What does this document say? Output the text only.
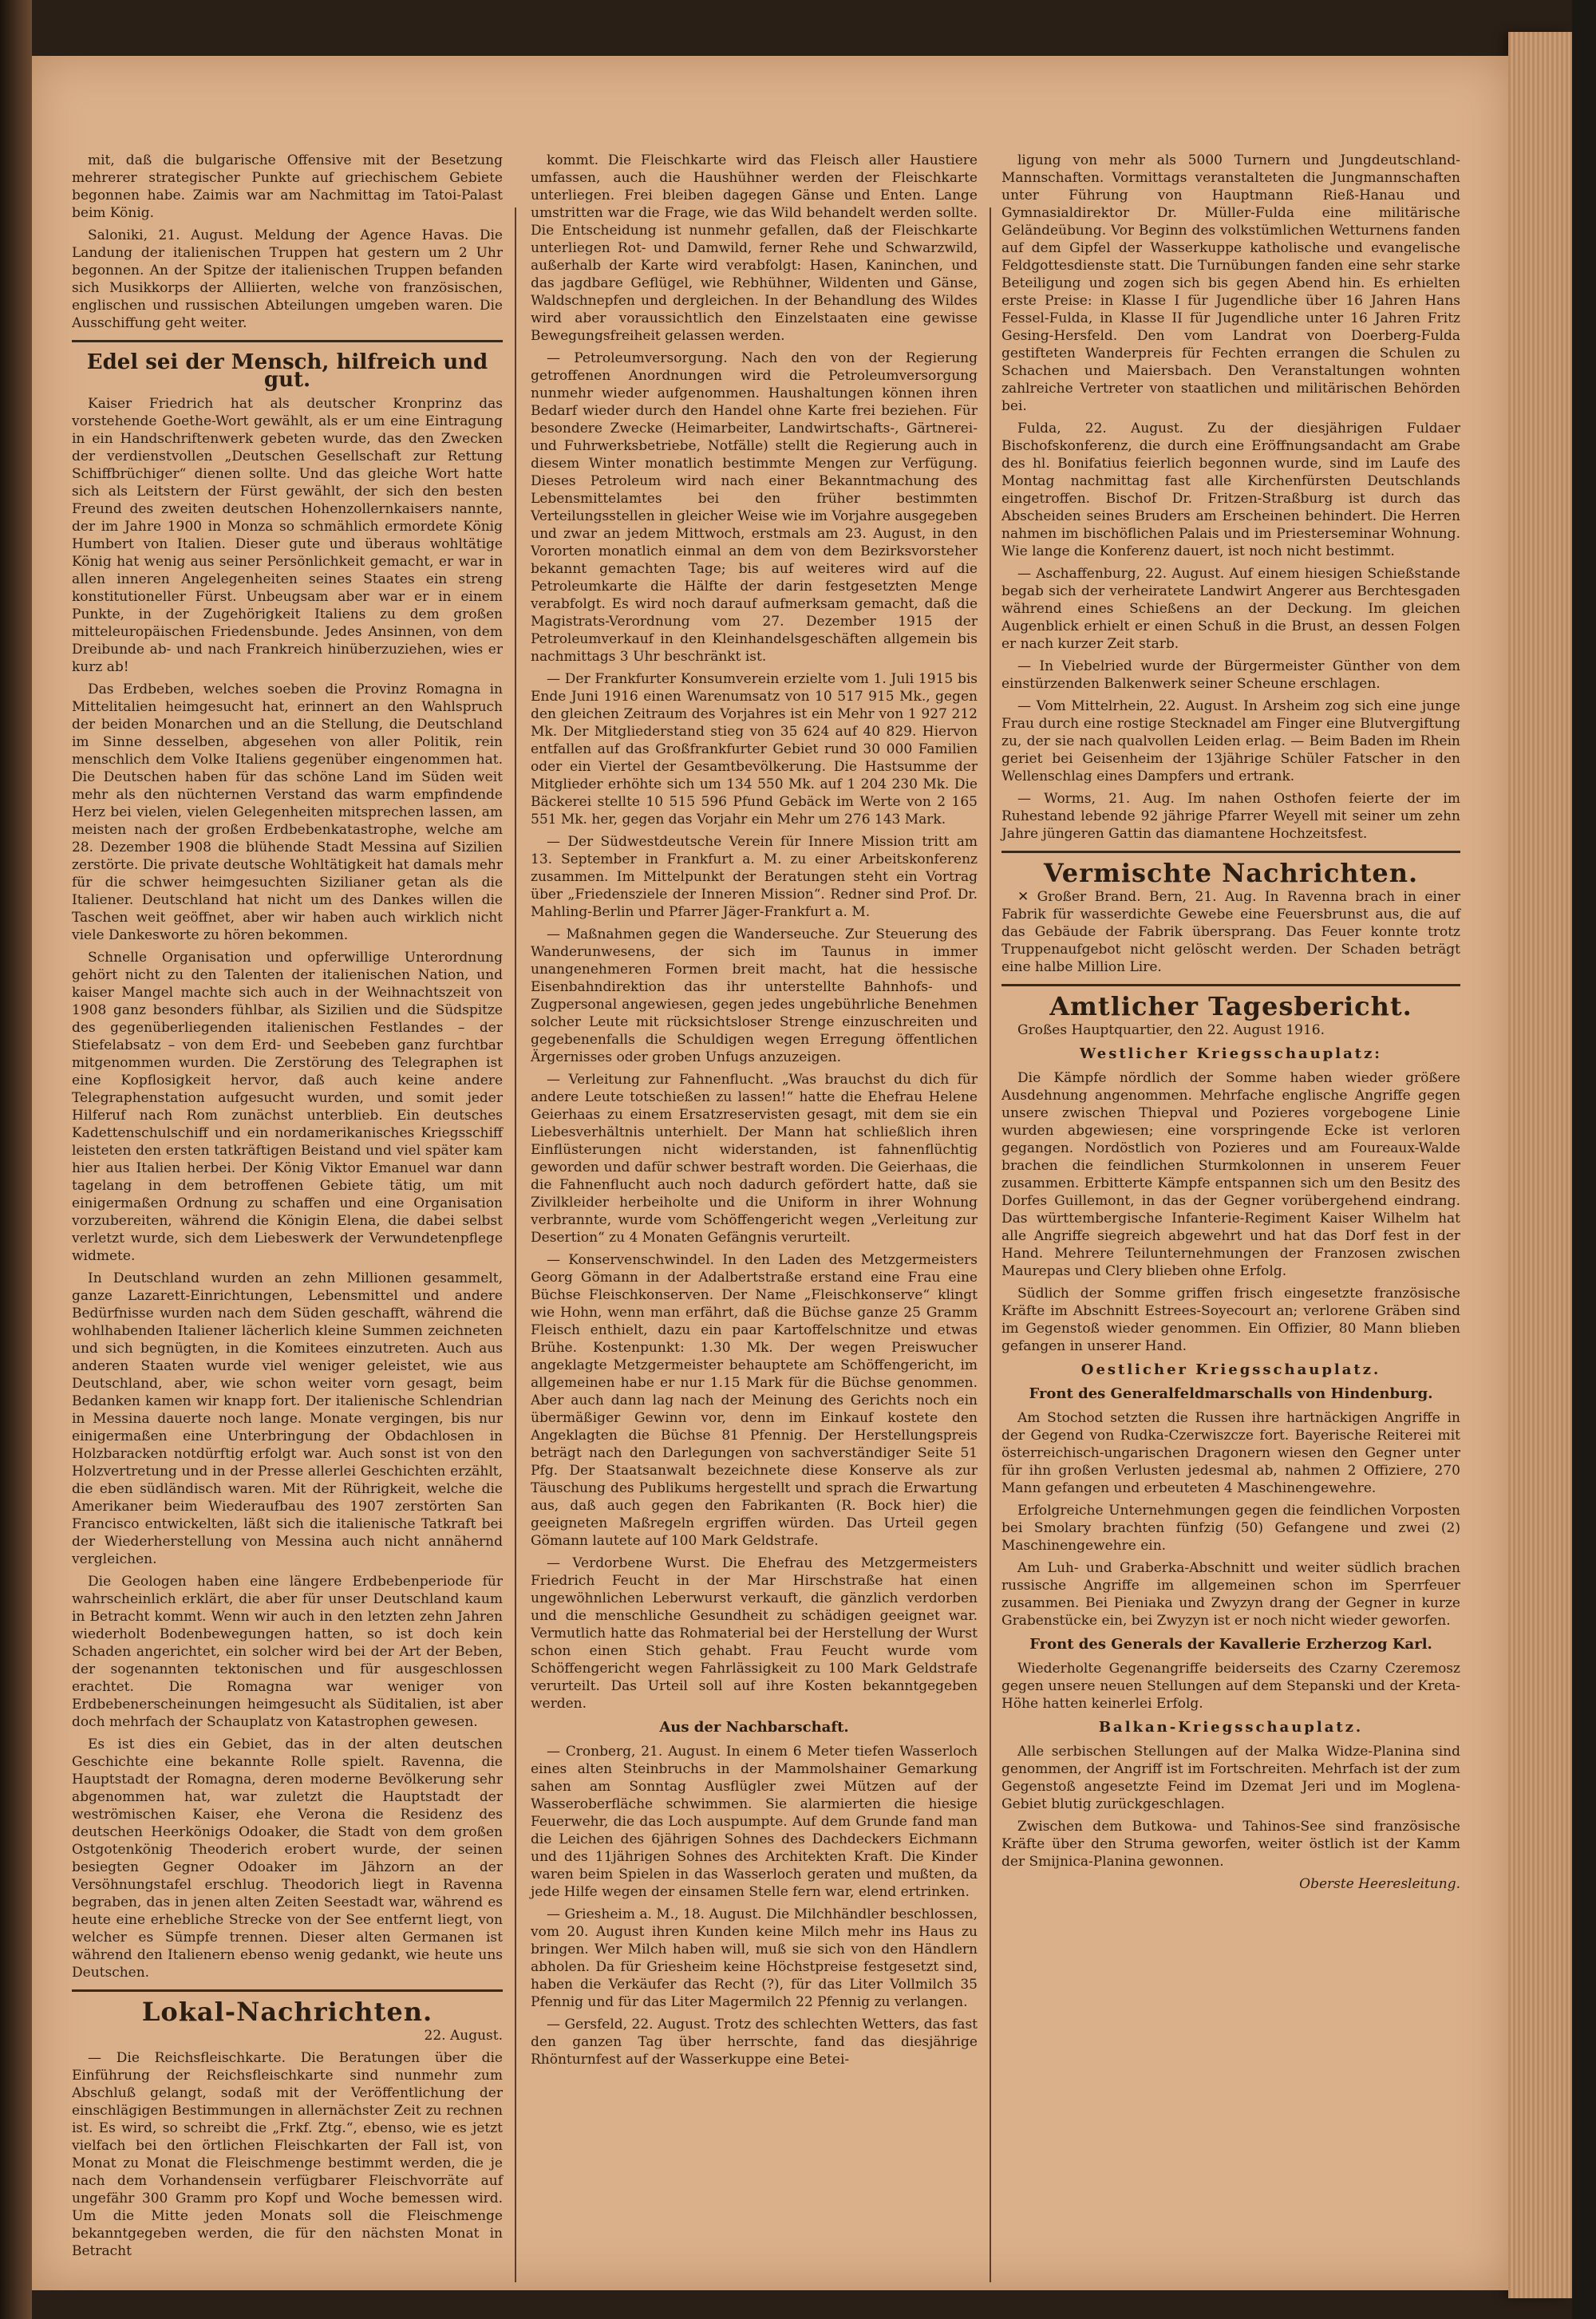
mit, daß die bulgarische Offensive mit der Besetzung mehrerer strategischer Punkte auf griechischem Gebiete begonnen habe. Zaimis war am Nachmittag im Tatoi-Palast beim König.

Saloniki, 21. August. Meldung der Agence Havas. Die Landung der italienischen Truppen hat gestern um 2 Uhr begonnen. An der Spitze der italienischen Truppen befanden sich Musikkorps der Alliierten, welche von französischen, englischen und russischen Abteilungen umgeben waren. Die Ausschiffung geht weiter.

Edel sei der Mensch, hilfreich und gut.

Kaiser Friedrich hat als deutscher Kronprinz das vorstehende Goethe-Wort gewählt, als er um eine Eintragung in ein Handschriftenwerk gebeten wurde, das den Zwecken der verdienstvollen „Deutschen Gesellschaft zur Rettung Schiffbrüchiger“ dienen sollte. Und das gleiche Wort hatte sich als Leitstern der Fürst gewählt, der sich den besten Freund des zweiten deutschen Hohenzollernkaisers nannte, der im Jahre 1900 in Monza so schmählich ermordete König Humbert von Italien. Dieser gute und überaus wohltätige König hat wenig aus seiner Persönlichkeit gemacht, er war in allen inneren Angelegenheiten seines Staates ein streng konstitutioneller Fürst. Unbeugsam aber war er in einem Punkte, in der Zugehörigkeit Italiens zu dem großen mitteleuropäischen Friedensbunde. Jedes Ansinnen, von dem Dreibunde ab- und nach Frankreich hinüberzuziehen, wies er kurz ab!

Das Erdbeben, welches soeben die Provinz Romagna in Mittelitalien heimgesucht hat, erinnert an den Wahlspruch der beiden Monarchen und an die Stellung, die Deutschland im Sinne desselben, abgesehen von aller Politik, rein menschlich dem Volke Italiens gegenüber eingenommen hat. Die Deutschen haben für das schöne Land im Süden weit mehr als den nüchternen Verstand das warm empfindende Herz bei vielen, vielen Gelegenheiten mitsprechen lassen, am meisten nach der großen Erdbebenkatastrophe, welche am 28. Dezember 1908 die blühende Stadt Messina auf Sizilien zerstörte. Die private deutsche Wohltätigkeit hat damals mehr für die schwer heimgesuchten Sizilianer getan als die Italiener. Deutschland hat nicht um des Dankes willen die Taschen weit geöffnet, aber wir haben auch wirklich nicht viele Dankesworte zu hören bekommen.

Schnelle Organisation und opferwillige Unterordnung gehört nicht zu den Talenten der italienischen Nation, und kaiser Mangel machte sich auch in der Weihnachtszeit von 1908 ganz besonders fühlbar, als Sizilien und die Südspitze des gegenüberliegenden italienischen Festlandes – der Stiefelabsatz – von dem Erd- und Seebeben ganz furchtbar mitgenommen wurden. Die Zerstörung des Telegraphen ist eine Kopflosigkeit hervor, daß auch keine andere Telegraphenstation aufgesucht wurden, und somit jeder Hilferuf nach Rom zunächst unterblieb. Ein deutsches Kadettenschulschiff und ein nordamerikanisches Kriegsschiff leisteten den ersten tatkräftigen Beistand und viel später kam hier aus Italien herbei. Der König Viktor Emanuel war dann tagelang in dem betroffenen Gebiete tätig, um mit einigermaßen Ordnung zu schaffen und eine Organisation vorzubereiten, während die Königin Elena, die dabei selbst verletzt wurde, sich dem Liebeswerk der Verwundetenpflege widmete.

In Deutschland wurden an zehn Millionen gesammelt, ganze Lazarett-Einrichtungen, Lebensmittel und andere Bedürfnisse wurden nach dem Süden geschafft, während die wohlhabenden Italiener lächerlich kleine Summen zeichneten und sich begnügten, in die Komitees einzutreten. Auch aus anderen Staaten wurde viel weniger geleistet, wie aus Deutschland, aber, wie schon weiter vorn gesagt, beim Bedanken kamen wir knapp fort. Der italienische Schlendrian in Messina dauerte noch lange. Monate vergingen, bis nur einigermaßen eine Unterbringung der Obdachlosen in Holzbaracken notdürftig erfolgt war. Auch sonst ist von den Holzvertretung und in der Presse allerlei Geschichten erzählt, die eben südländisch waren. Mit der Rührigkeit, welche die Amerikaner beim Wiederaufbau des 1907 zerstörten San Francisco entwickelten, läßt sich die italienische Tatkraft bei der Wiederherstellung von Messina auch nicht annähernd vergleichen.

Die Geologen haben eine längere Erdbebenperiode für wahrscheinlich erklärt, die aber für unser Deutschland kaum in Betracht kommt. Wenn wir auch in den letzten zehn Jahren wiederholt Bodenbewegungen hatten, so ist doch kein Schaden angerichtet, ein solcher wird bei der Art der Beben, der sogenannten tektonischen und für ausgeschlossen erachtet. Die Romagna war weniger von Erdbebenerscheinungen heimgesucht als Süditalien, ist aber doch mehrfach der Schauplatz von Katastrophen gewesen.

Es ist dies ein Gebiet, das in der alten deutschen Geschichte eine bekannte Rolle spielt. Ravenna, die Hauptstadt der Romagna, deren moderne Bevölkerung sehr abgenommen hat, war zuletzt die Hauptstadt der weströmischen Kaiser, ehe Verona die Residenz des deutschen Heerkönigs Odoaker, die Stadt von dem großen Ostgotenkönig Theoderich erobert wurde, der seinen besiegten Gegner Odoaker im Jähzorn an der Versöhnungstafel erschlug. Theodorich liegt in Ravenna begraben, das in jenen alten Zeiten Seestadt war, während es heute eine erhebliche Strecke von der See entfernt liegt, von welcher es Sümpfe trennen. Dieser alten Germanen ist während den Italienern ebenso wenig gedankt, wie heute uns Deutschen.

Lokal-Nachrichten.
22. August.

— Die Reichsfleischkarte. Die Beratungen über die Einführung der Reichsfleischkarte sind nunmehr zum Abschluß gelangt, sodaß mit der Veröffentlichung der einschlägigen Bestimmungen in allernächster Zeit zu rechnen ist. Es wird, so schreibt die „Frkf. Ztg.“, ebenso, wie es jetzt vielfach bei den örtlichen Fleischkarten der Fall ist, von Monat zu Monat die Fleischmenge bestimmt werden, die je nach dem Vorhandensein verfügbarer Fleischvorräte auf ungefähr 300 Gramm pro Kopf und Woche bemessen wird. Um die Mitte jeden Monats soll die Fleischmenge bekanntgegeben werden, die für den nächsten Monat in Betracht

kommt. Die Fleischkarte wird das Fleisch aller Haustiere umfassen, auch die Haushühner werden der Fleischkarte unterliegen. Frei bleiben dagegen Gänse und Enten. Lange umstritten war die Frage, wie das Wild behandelt werden sollte. Die Entscheidung ist nunmehr gefallen, daß der Fleischkarte unterliegen Rot- und Damwild, ferner Rehe und Schwarzwild, außerhalb der Karte wird verabfolgt: Hasen, Kaninchen, und das jagdbare Geflügel, wie Rebhühner, Wildenten und Gänse, Waldschnepfen und dergleichen. In der Behandlung des Wildes wird aber voraussichtlich den Einzelstaaten eine gewisse Bewegungsfreiheit gelassen werden.

— Petroleumversorgung. Nach den von der Regierung getroffenen Anordnungen wird die Petroleumversorgung nunmehr wieder aufgenommen. Haushaltungen können ihren Bedarf wieder durch den Handel ohne Karte frei beziehen. Für besondere Zwecke (Heimarbeiter, Landwirtschafts-, Gärtnerei- und Fuhrwerksbetriebe, Notfälle) stellt die Regierung auch in diesem Winter monatlich bestimmte Mengen zur Verfügung. Dieses Petroleum wird nach einer Bekanntmachung des Lebensmittelamtes bei den früher bestimmten Verteilungsstellen in gleicher Weise wie im Vorjahre ausgegeben und zwar an jedem Mittwoch, erstmals am 23. August, in den Vororten monatlich einmal an dem von dem Bezirksvorsteher bekannt gemachten Tage; bis auf weiteres wird auf die Petroleumkarte die Hälfte der darin festgesetzten Menge verabfolgt. Es wird noch darauf aufmerksam gemacht, daß die Magistrats-Verordnung vom 27. Dezember 1915 der Petroleumverkauf in den Kleinhandelsgeschäften allgemein bis nachmittags 3 Uhr beschränkt ist.

— Der Frankfurter Konsumverein erzielte vom 1. Juli 1915 bis Ende Juni 1916 einen Warenumsatz von 10 517 915 Mk., gegen den gleichen Zeitraum des Vorjahres ist ein Mehr von 1 927 212 Mk. Der Mitgliederstand stieg von 35 624 auf 40 829. Hiervon entfallen auf das Großfrankfurter Gebiet rund 30 000 Familien oder ein Viertel der Gesamtbevölkerung. Die Hastsumme der Mitglieder erhöhte sich um 134 550 Mk. auf 1 204 230 Mk. Die Bäckerei stellte 10 515 596 Pfund Gebäck im Werte von 2 165 551 Mk. her, gegen das Vorjahr ein Mehr um 276 143 Mark.

— Der Südwestdeutsche Verein für Innere Mission tritt am 13. September in Frankfurt a. M. zu einer Arbeitskonferenz zusammen. Im Mittelpunkt der Beratungen steht ein Vortrag über „Friedensziele der Inneren Mission“. Redner sind Prof. Dr. Mahling-Berlin und Pfarrer Jäger-Frankfurt a. M.

— Maßnahmen gegen die Wanderseuche. Zur Steuerung des Wanderunwesens, der sich im Taunus in immer unangenehmeren Formen breit macht, hat die hessische Eisenbahndirektion das ihr unterstellte Bahnhofs- und Zugpersonal angewiesen, gegen jedes ungebührliche Benehmen solcher Leute mit rücksichtsloser Strenge einzuschreiten und gegebenenfalls die Schuldigen wegen Erregung öffentlichen Ärgernisses oder groben Unfugs anzuzeigen.

— Verleitung zur Fahnenflucht. „Was brauchst du dich für andere Leute totschießen zu lassen!“ hatte die Ehefrau Helene Geierhaas zu einem Ersatzreservisten gesagt, mit dem sie ein Liebesverhältnis unterhielt. Der Mann hat schließlich ihren Einflüsterungen nicht widerstanden, ist fahnenflüchtig geworden und dafür schwer bestraft worden. Die Geierhaas, die die Fahnenflucht auch noch dadurch gefördert hatte, daß sie Zivilkleider herbeiholte und die Uniform in ihrer Wohnung verbrannte, wurde vom Schöffengericht wegen „Verleitung zur Desertion“ zu 4 Monaten Gefängnis verurteilt.

— Konservenschwindel. In den Laden des Metzgermeisters Georg Gömann in der Adalbertstraße erstand eine Frau eine Büchse Fleischkonserven. Der Name „Fleischkonserve“ klingt wie Hohn, wenn man erfährt, daß die Büchse ganze 25 Gramm Fleisch enthielt, dazu ein paar Kartoffelschnitze und etwas Brühe. Kostenpunkt: 1.30 Mk. Der wegen Preiswucher angeklagte Metzgermeister behauptete am Schöffengericht, im allgemeinen habe er nur 1.15 Mark für die Büchse genommen. Aber auch dann lag nach der Meinung des Gerichts noch ein übermäßiger Gewinn vor, denn im Einkauf kostete den Angeklagten die Büchse 81 Pfennig. Der Herstellungspreis beträgt nach den Darlegungen von sachverständiger Seite 51 Pfg. Der Staatsanwalt bezeichnete diese Konserve als zur Täuschung des Publikums hergestellt und sprach die Erwartung aus, daß auch gegen den Fabrikanten (R. Bock hier) die geeigneten Maßregeln ergriffen würden. Das Urteil gegen Gömann lautete auf 100 Mark Geldstrafe.

— Verdorbene Wurst. Die Ehefrau des Metzgermeisters Friedrich Feucht in der Mar Hirschstraße hat einen ungewöhnlichen Leberwurst verkauft, die gänzlich verdorben und die menschliche Gesundheit zu schädigen geeignet war. Vermutlich hatte das Rohmaterial bei der Herstellung der Wurst schon einen Stich gehabt. Frau Feucht wurde vom Schöffengericht wegen Fahrlässigkeit zu 100 Mark Geldstrafe verurteilt. Das Urteil soll auf ihre Kosten bekanntgegeben werden.

Aus der Nachbarschaft.

— Cronberg, 21. August. In einem 6 Meter tiefen Wasserloch eines alten Steinbruchs in der Mammolshainer Gemarkung sahen am Sonntag Ausflügler zwei Mützen auf der Wasseroberfläche schwimmen. Sie alarmierten die hiesige Feuerwehr, die das Loch auspumpte. Auf dem Grunde fand man die Leichen des 6jährigen Sohnes des Dachdeckers Eichmann und des 11jährigen Sohnes des Architekten Kraft. Die Kinder waren beim Spielen in das Wasserloch geraten und mußten, da jede Hilfe wegen der einsamen Stelle fern war, elend ertrinken.

— Griesheim a. M., 18. August. Die Milchhändler beschlossen, vom 20. August ihren Kunden keine Milch mehr ins Haus zu bringen. Wer Milch haben will, muß sie sich von den Händlern abholen. Da für Griesheim keine Höchstpreise festgesetzt sind, haben die Verkäufer das Recht (?), für das Liter Vollmilch 35 Pfennig und für das Liter Magermilch 22 Pfennig zu verlangen.

— Gersfeld, 22. August. Trotz des schlechten Wetters, das fast den ganzen Tag über herrschte, fand das diesjährige Rhönturnfest auf der Wasserkuppe eine Betei-

ligung von mehr als 5000 Turnern und Jungdeutschland-Mannschaften. Vormittags veranstalteten die Jungmannschaften unter Führung von Hauptmann Rieß-Hanau und Gymnasialdirektor Dr. Müller-Fulda eine militärische Geländeübung. Vor Beginn des volkstümlichen Wetturnens fanden auf dem Gipfel der Wasserkuppe katholische und evangelische Feldgottesdienste statt. Die Turnübungen fanden eine sehr starke Beteiligung und zogen sich bis gegen Abend hin. Es erhielten erste Preise: in Klasse I für Jugendliche über 16 Jahren Hans Fessel-Fulda, in Klasse II für Jugendliche unter 16 Jahren Fritz Gesing-Hersfeld. Den vom Landrat von Doerberg-Fulda gestifteten Wanderpreis für Fechten errangen die Schulen zu Schachen und Maiersbach. Den Veranstaltungen wohnten zahlreiche Vertreter von staatlichen und militärischen Behörden bei.

Fulda, 22. August. Zu der diesjährigen Fuldaer Bischofskonferenz, die durch eine Eröffnungsandacht am Grabe des hl. Bonifatius feierlich begonnen wurde, sind im Laufe des Montag nachmittag fast alle Kirchenfürsten Deutschlands eingetroffen. Bischof Dr. Fritzen-Straßburg ist durch das Abscheiden seines Bruders am Erscheinen behindert. Die Herren nahmen im bischöflichen Palais und im Priesterseminar Wohnung. Wie lange die Konferenz dauert, ist noch nicht bestimmt.

— Aschaffenburg, 22. August. Auf einem hiesigen Schießstande begab sich der verheiratete Landwirt Angerer aus Berchtesgaden während eines Schießens an der Deckung. Im gleichen Augenblick erhielt er einen Schuß in die Brust, an dessen Folgen er nach kurzer Zeit starb.

— In Viebelried wurde der Bürgermeister Günther von dem einstürzenden Balkenwerk seiner Scheune erschlagen.

— Vom Mittelrhein, 22. August. In Arsheim zog sich eine junge Frau durch eine rostige Stecknadel am Finger eine Blutvergiftung zu, der sie nach qualvollen Leiden erlag. — Beim Baden im Rhein geriet bei Geisenheim der 13jährige Schüler Fatscher in den Wellenschlag eines Dampfers und ertrank.

— Worms, 21. Aug. Im nahen Osthofen feierte der im Ruhestand lebende 92 jährige Pfarrer Weyell mit seiner um zehn Jahre jüngeren Gattin das diamantene Hochzeitsfest.

Vermischte Nachrichten.

✕ Großer Brand. Bern, 21. Aug. In Ravenna brach in einer Fabrik für wasserdichte Gewebe eine Feuersbrunst aus, die auf das Gebäude der Fabrik übersprang. Das Feuer konnte trotz Truppenaufgebot nicht gelöscht werden. Der Schaden beträgt eine halbe Million Lire.

Amtlicher Tagesbericht.

Großes Hauptquartier, den 22. August 1916.

Westlicher Kriegsschauplatz:

Die Kämpfe nördlich der Somme haben wieder größere Ausdehnung angenommen. Mehrfache englische Angriffe gegen unsere zwischen Thiepval und Pozieres vorgebogene Linie wurden abgewiesen; eine vorspringende Ecke ist verloren gegangen. Nordöstlich von Pozieres und am Foureaux-Walde brachen die feindlichen Sturmkolonnen in unserem Feuer zusammen. Erbitterte Kämpfe entspannen sich um den Besitz des Dorfes Guillemont, in das der Gegner vorübergehend eindrang. Das württembergische Infanterie-Regiment Kaiser Wilhelm hat alle Angriffe siegreich abgewehrt und hat das Dorf fest in der Hand. Mehrere Teilunternehmungen der Franzosen zwischen Maurepas und Clery blieben ohne Erfolg.

Südlich der Somme griffen frisch eingesetzte französische Kräfte im Abschnitt Estrees-Soyecourt an; verlorene Gräben sind im Gegenstoß wieder genommen. Ein Offizier, 80 Mann blieben gefangen in unserer Hand.

Oestlicher Kriegsschauplatz.
Front des Generalfeldmarschalls von Hindenburg.

Am Stochod setzten die Russen ihre hartnäckigen Angriffe in der Gegend von Rudka-Czerwiszcze fort. Bayerische Reiterei mit österreichisch-ungarischen Dragonern wiesen den Gegner unter für ihn großen Verlusten jedesmal ab, nahmen 2 Offiziere, 270 Mann gefangen und erbeuteten 4 Maschinengewehre.

Erfolgreiche Unternehmungen gegen die feindlichen Vorposten bei Smolary brachten fünfzig (50) Gefangene und zwei (2) Maschinengewehre ein.

Am Luh- und Graberka-Abschnitt und weiter südlich brachen russische Angriffe im allgemeinen schon im Sperrfeuer zusammen. Bei Pieniaka und Zwyzyn drang der Gegner in kurze Grabenstücke ein, bei Zwyzyn ist er noch nicht wieder geworfen.

Front des Generals der Kavallerie Erzherzog Karl.

Wiederholte Gegenangriffe beiderseits des Czarny Czeremosz gegen unsere neuen Stellungen auf dem Stepanski und der Kreta-Höhe hatten keinerlei Erfolg.

Balkan-Kriegsschauplatz.

Alle serbischen Stellungen auf der Malka Widze-Planina sind genommen, der Angriff ist im Fortschreiten. Mehrfach ist der zum Gegenstoß angesetzte Feind im Dzemat Jeri und im Moglena-Gebiet blutig zurückgeschlagen.

Zwischen dem Butkowa- und Tahinos-See sind französische Kräfte über den Struma geworfen, weiter östlich ist der Kamm der Smijnica-Planina gewonnen.

Oberste Heeresleitung.
